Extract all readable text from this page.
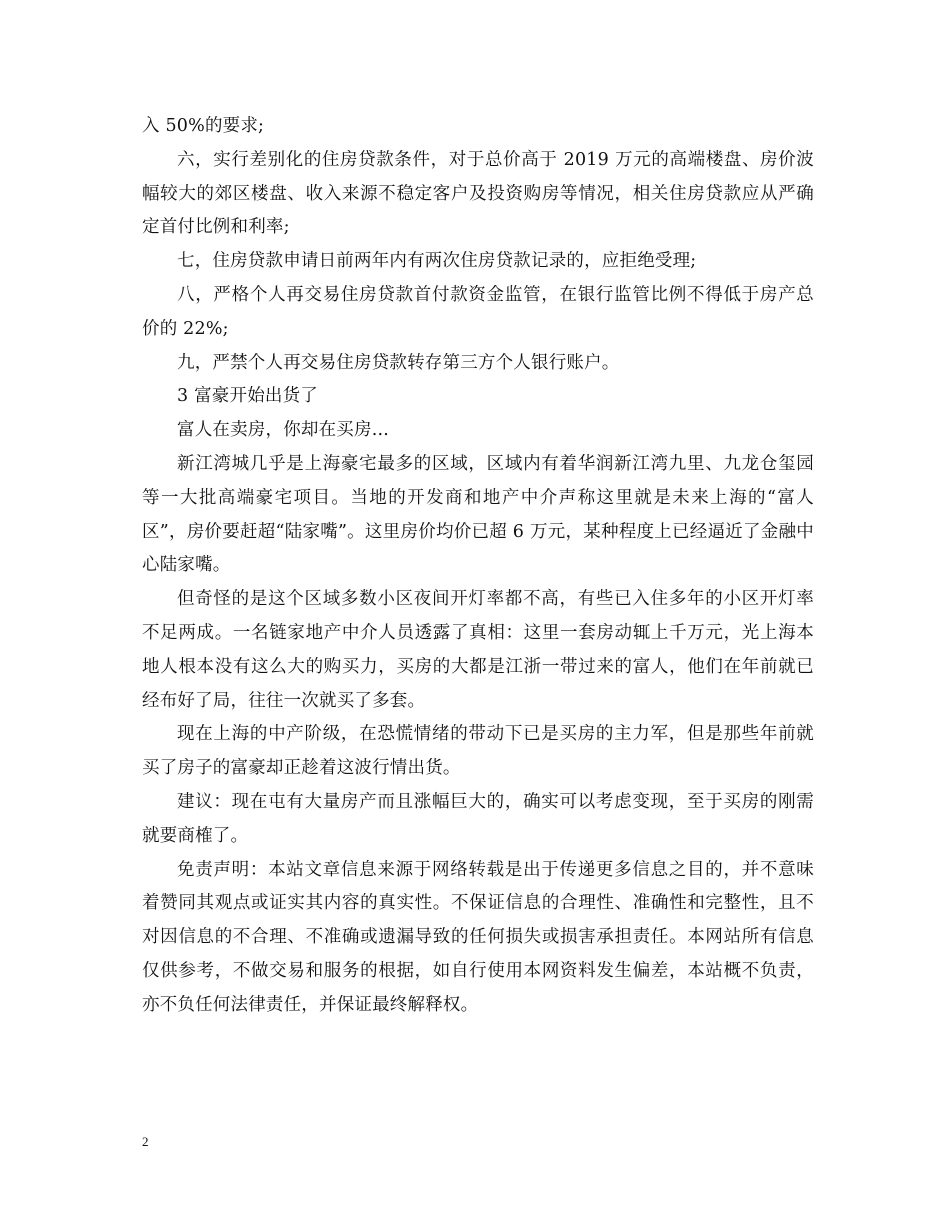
入 50%的要求;

六，实行差别化的住房贷款条件，对于总价高于 2019 万元的高端楼盘、房价波幅较大的郊区楼盘、收入来源不稳定客户及投资购房等情况，相关住房贷款应从严确定首付比例和利率;

七，住房贷款申请日前两年内有两次住房贷款记录的，应拒绝受理;

八，严格个人再交易住房贷款首付款资金监管，在银行监管比例不得低于房产总价的 22%;

九，严禁个人再交易住房贷款转存第三方个人银行账户。

3 富豪开始出货了

富人在卖房，你却在买房...

新江湾城几乎是上海豪宅最多的区域，区域内有着华润新江湾九里、九龙仓玺园等一大批高端豪宅项目。当地的开发商和地产中介声称这里就是未来上海的“富人区”，房价要赶超“陆家嘴”。这里房价均价已超 6 万元，某种程度上已经逼近了金融中心陆家嘴。

但奇怪的是这个区域多数小区夜间开灯率都不高，有些已入住多年的小区开灯率不足两成。一名链家地产中介人员透露了真相：这里一套房动辄上千万元，光上海本地人根本没有这么大的购买力，买房的大都是江浙一带过来的富人，他们在年前就已经布好了局，往往一次就买了多套。

现在上海的中产阶级，在恐慌情绪的带动下已是买房的主力军，但是那些年前就买了房子的富豪却正趁着这波行情出货。

建议：现在屯有大量房产而且涨幅巨大的，确实可以考虑变现，至于买房的刚需就要商榷了。

免责声明：本站文章信息来源于网络转载是出于传递更多信息之目的，并不意味着赞同其观点或证实其内容的真实性。不保证信息的合理性、准确性和完整性，且不对因信息的不合理、不准确或遗漏导致的任何损失或损害承担责任。本网站所有信息仅供参考，不做交易和服务的根据，如自行使用本网资料发生偏差，本站概不负责，亦不负任何法律责任，并保证最终解释权。

2
